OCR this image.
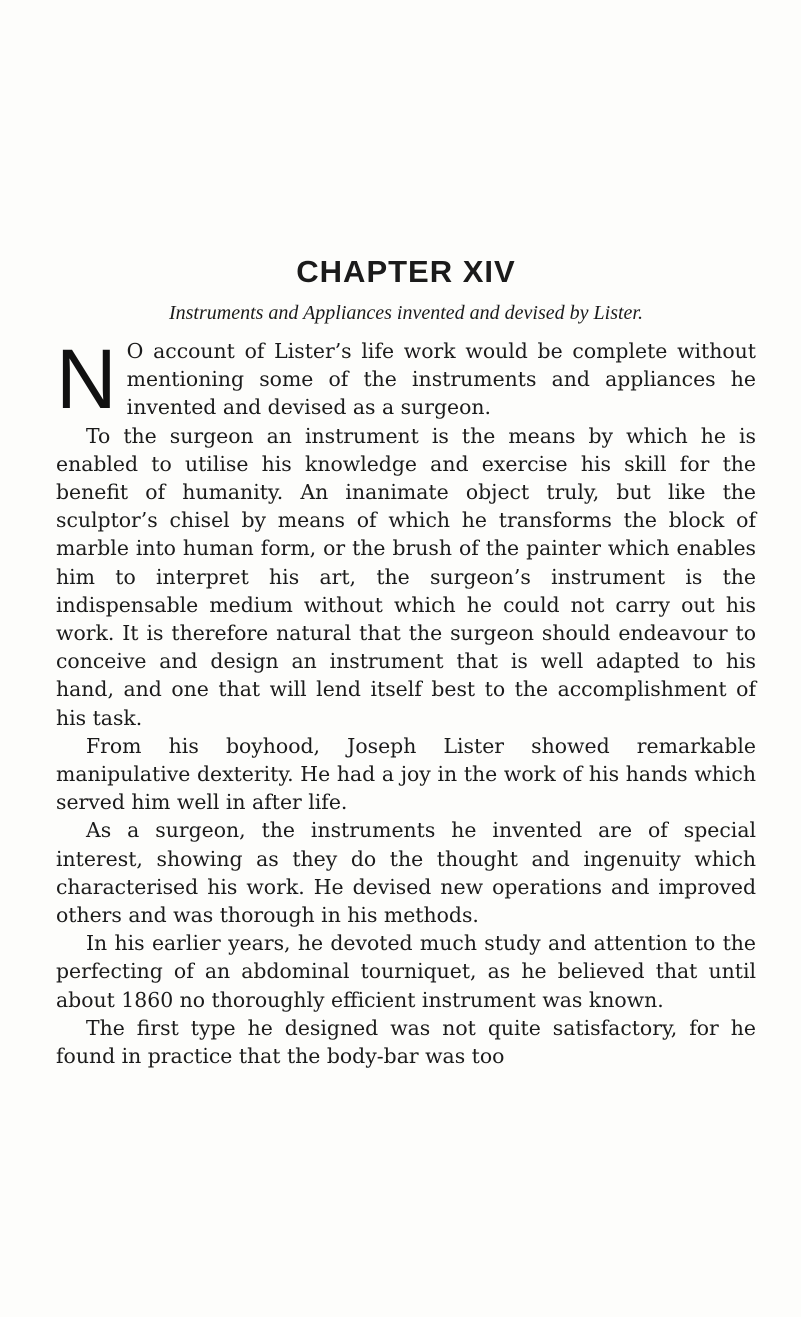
CHAPTER XIV
Instruments and Appliances invented and devised by Lister.

N O account of Lister’s life work would be complete without mentioning some of the instruments and appliances he invented and devised as a surgeon.

To the surgeon an instrument is the means by which he is enabled to utilise his knowledge and exercise his skill for the benefit of humanity. An inanimate object truly, but like the sculptor’s chisel by means of which he transforms the block of marble into human form, or the brush of the painter which enables him to interpret his art, the surgeon’s instrument is the indispensable medium without which he could not carry out his work. It is therefore natural that the surgeon should endeavour to conceive and design an instrument that is well adapted to his hand, and one that will lend itself best to the accomplishment of his task.

From his boyhood, Joseph Lister showed remarkable manipulative dexterity. He had a joy in the work of his hands which served him well in after life.

As a surgeon, the instruments he invented are of special interest, showing as they do the thought and ingenuity which characterised his work. He devised new operations and improved others and was thorough in his methods.

In his earlier years, he devoted much study and attention to the perfecting of an abdominal tourniquet, as he believed that until about 1860 no thoroughly efficient instrument was known.

The first type he designed was not quite satisfactory, for he found in practice that the body-bar was too
